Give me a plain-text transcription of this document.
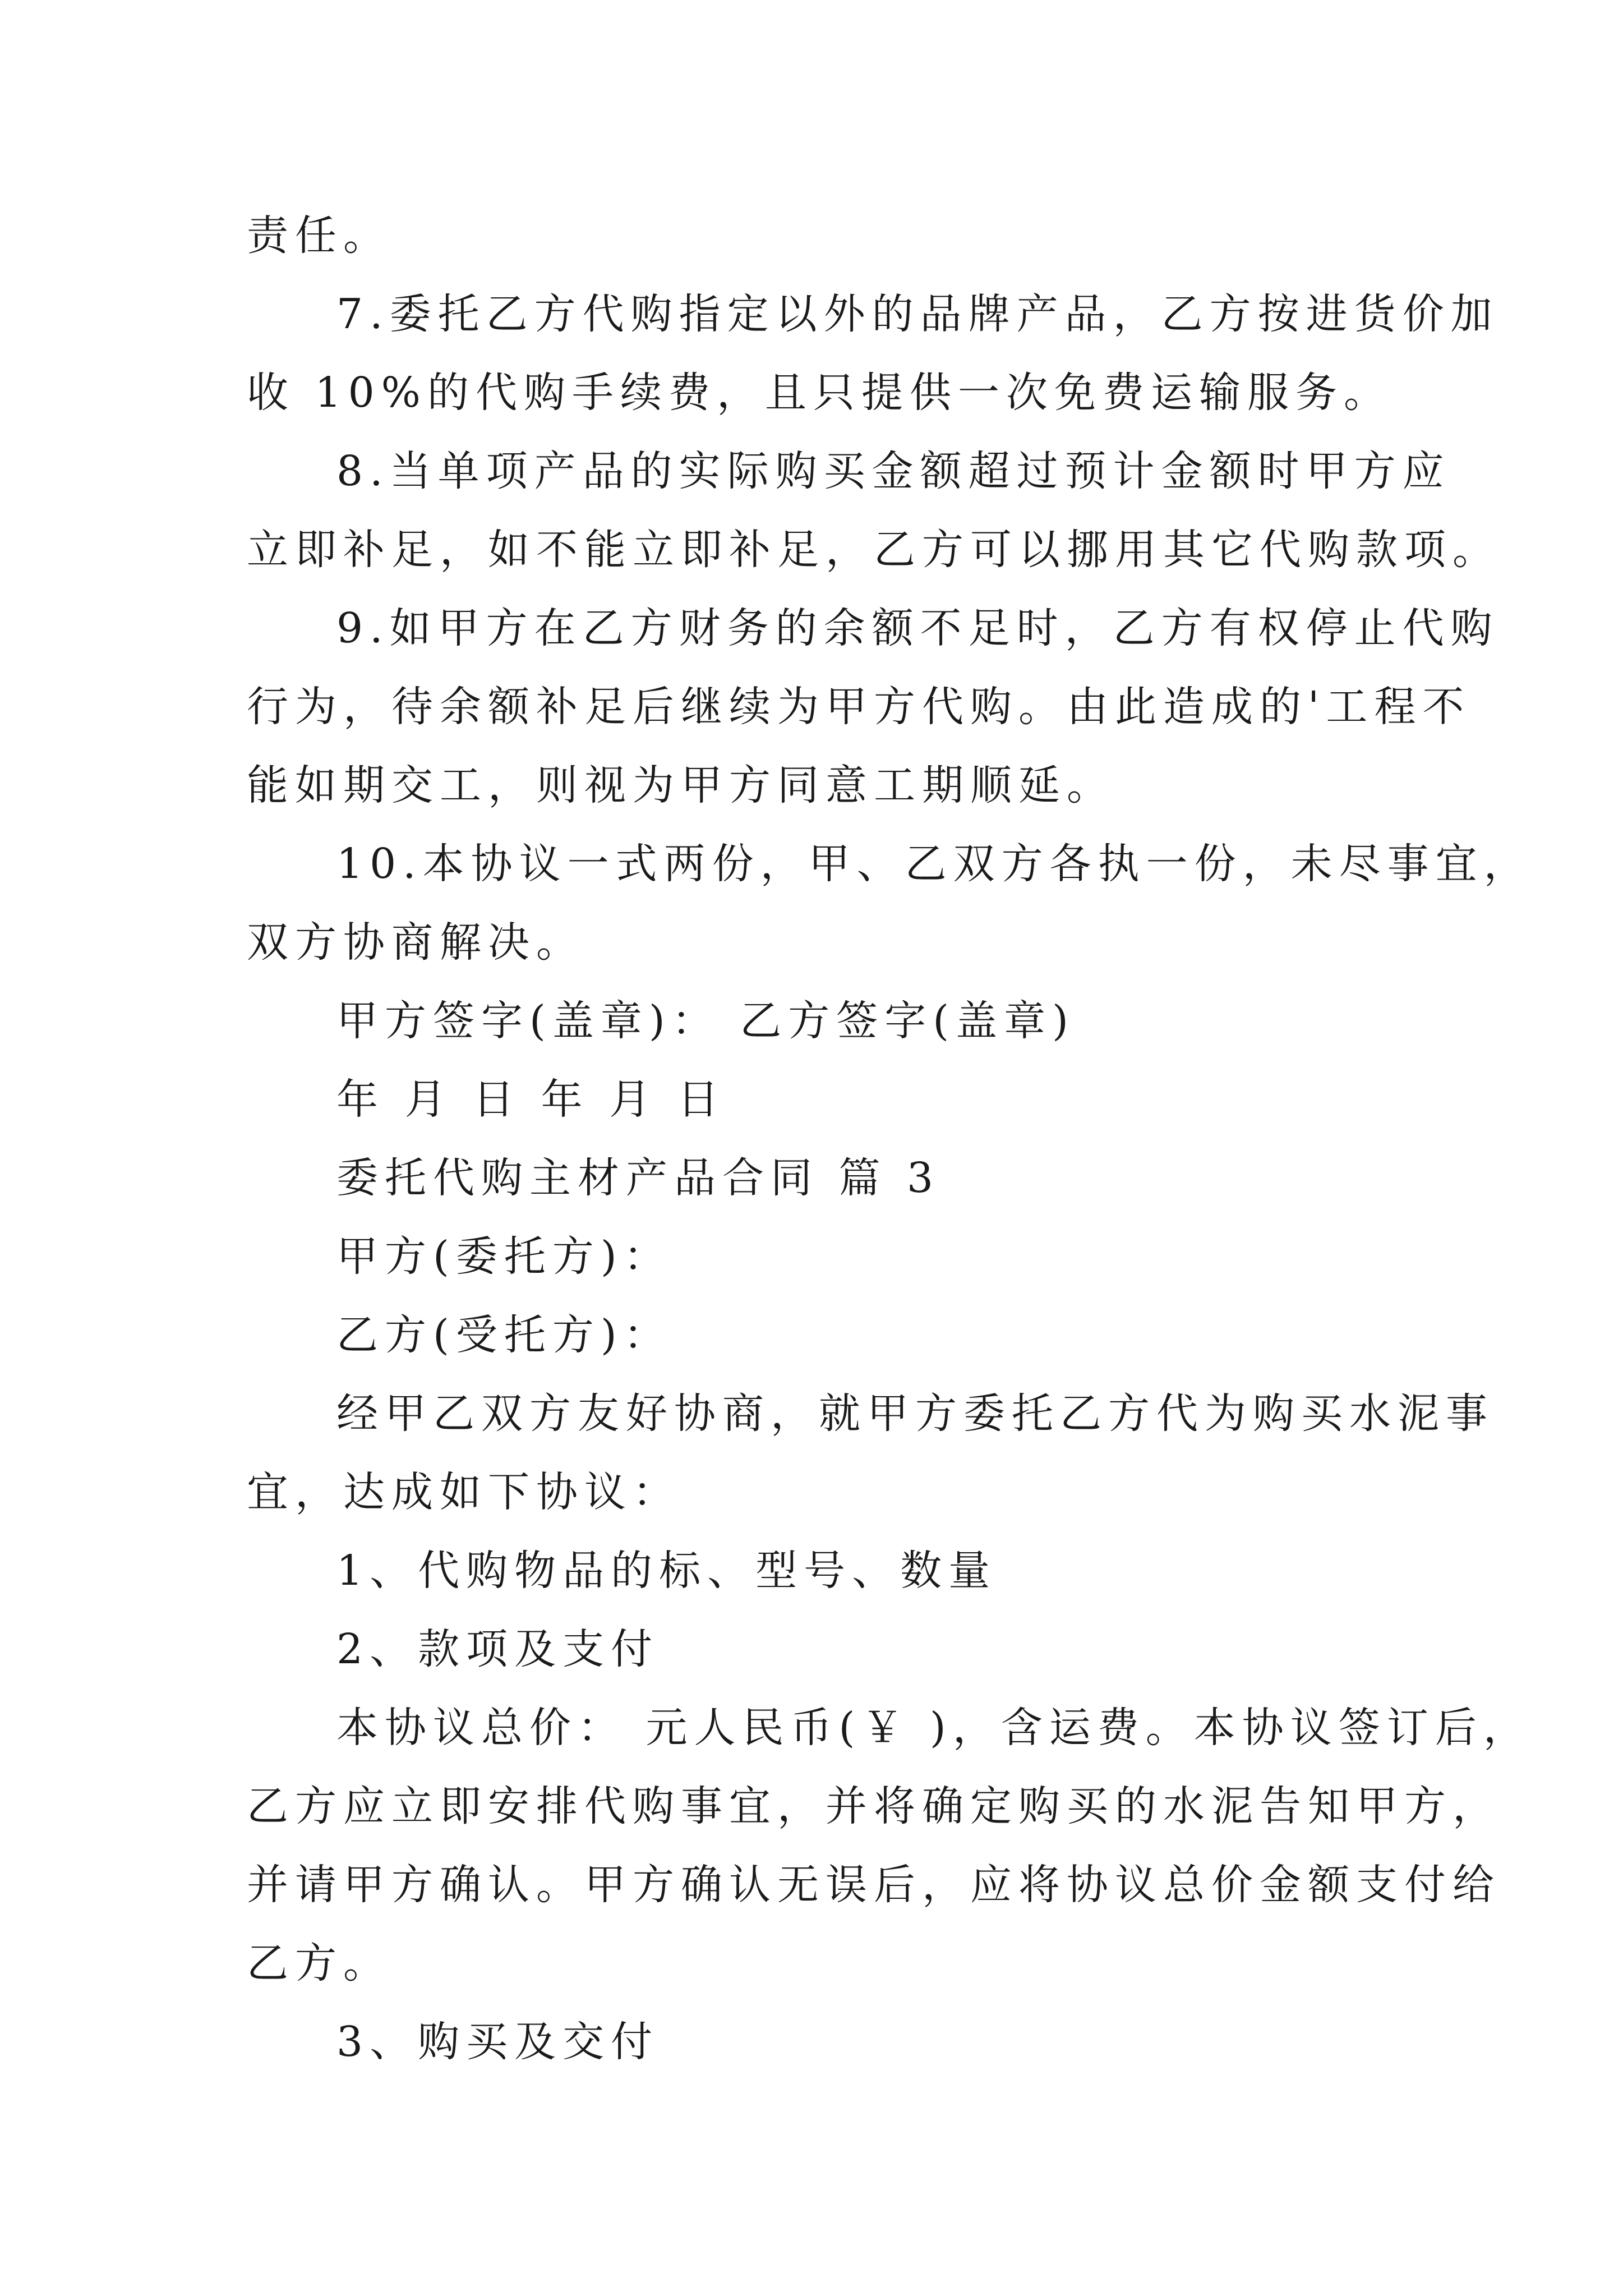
责任。
7.委托乙方代购指定以外的品牌产品，乙方按进货价加
收 10%的代购手续费，且只提供一次免费运输服务。
8.当单项产品的实际购买金额超过预计金额时甲方应
立即补足，如不能立即补足，乙方可以挪用其它代购款项。
9.如甲方在乙方财务的余额不足时，乙方有权停止代购
行为，待余额补足后继续为甲方代购。由此造成的'工程不
能如期交工，则视为甲方同意工期顺延。
10.本协议一式两份，甲、乙双方各执一份，未尽事宜，
双方协商解决。
甲方签字(盖章)： 乙方签字(盖章)
年 月 日 年 月 日
委托代购主材产品合同 篇 3
甲方(委托方)：
乙方(受托方)：
经甲乙双方友好协商，就甲方委托乙方代为购买水泥事
宜，达成如下协议：
1、代购物品的标、型号、数量
2、款项及支付
本协议总价： 元人民币(￥ )，含运费。本协议签订后，
乙方应立即安排代购事宜，并将确定购买的水泥告知甲方，
并请甲方确认。甲方确认无误后，应将协议总价金额支付给
乙方。
3、购买及交付
